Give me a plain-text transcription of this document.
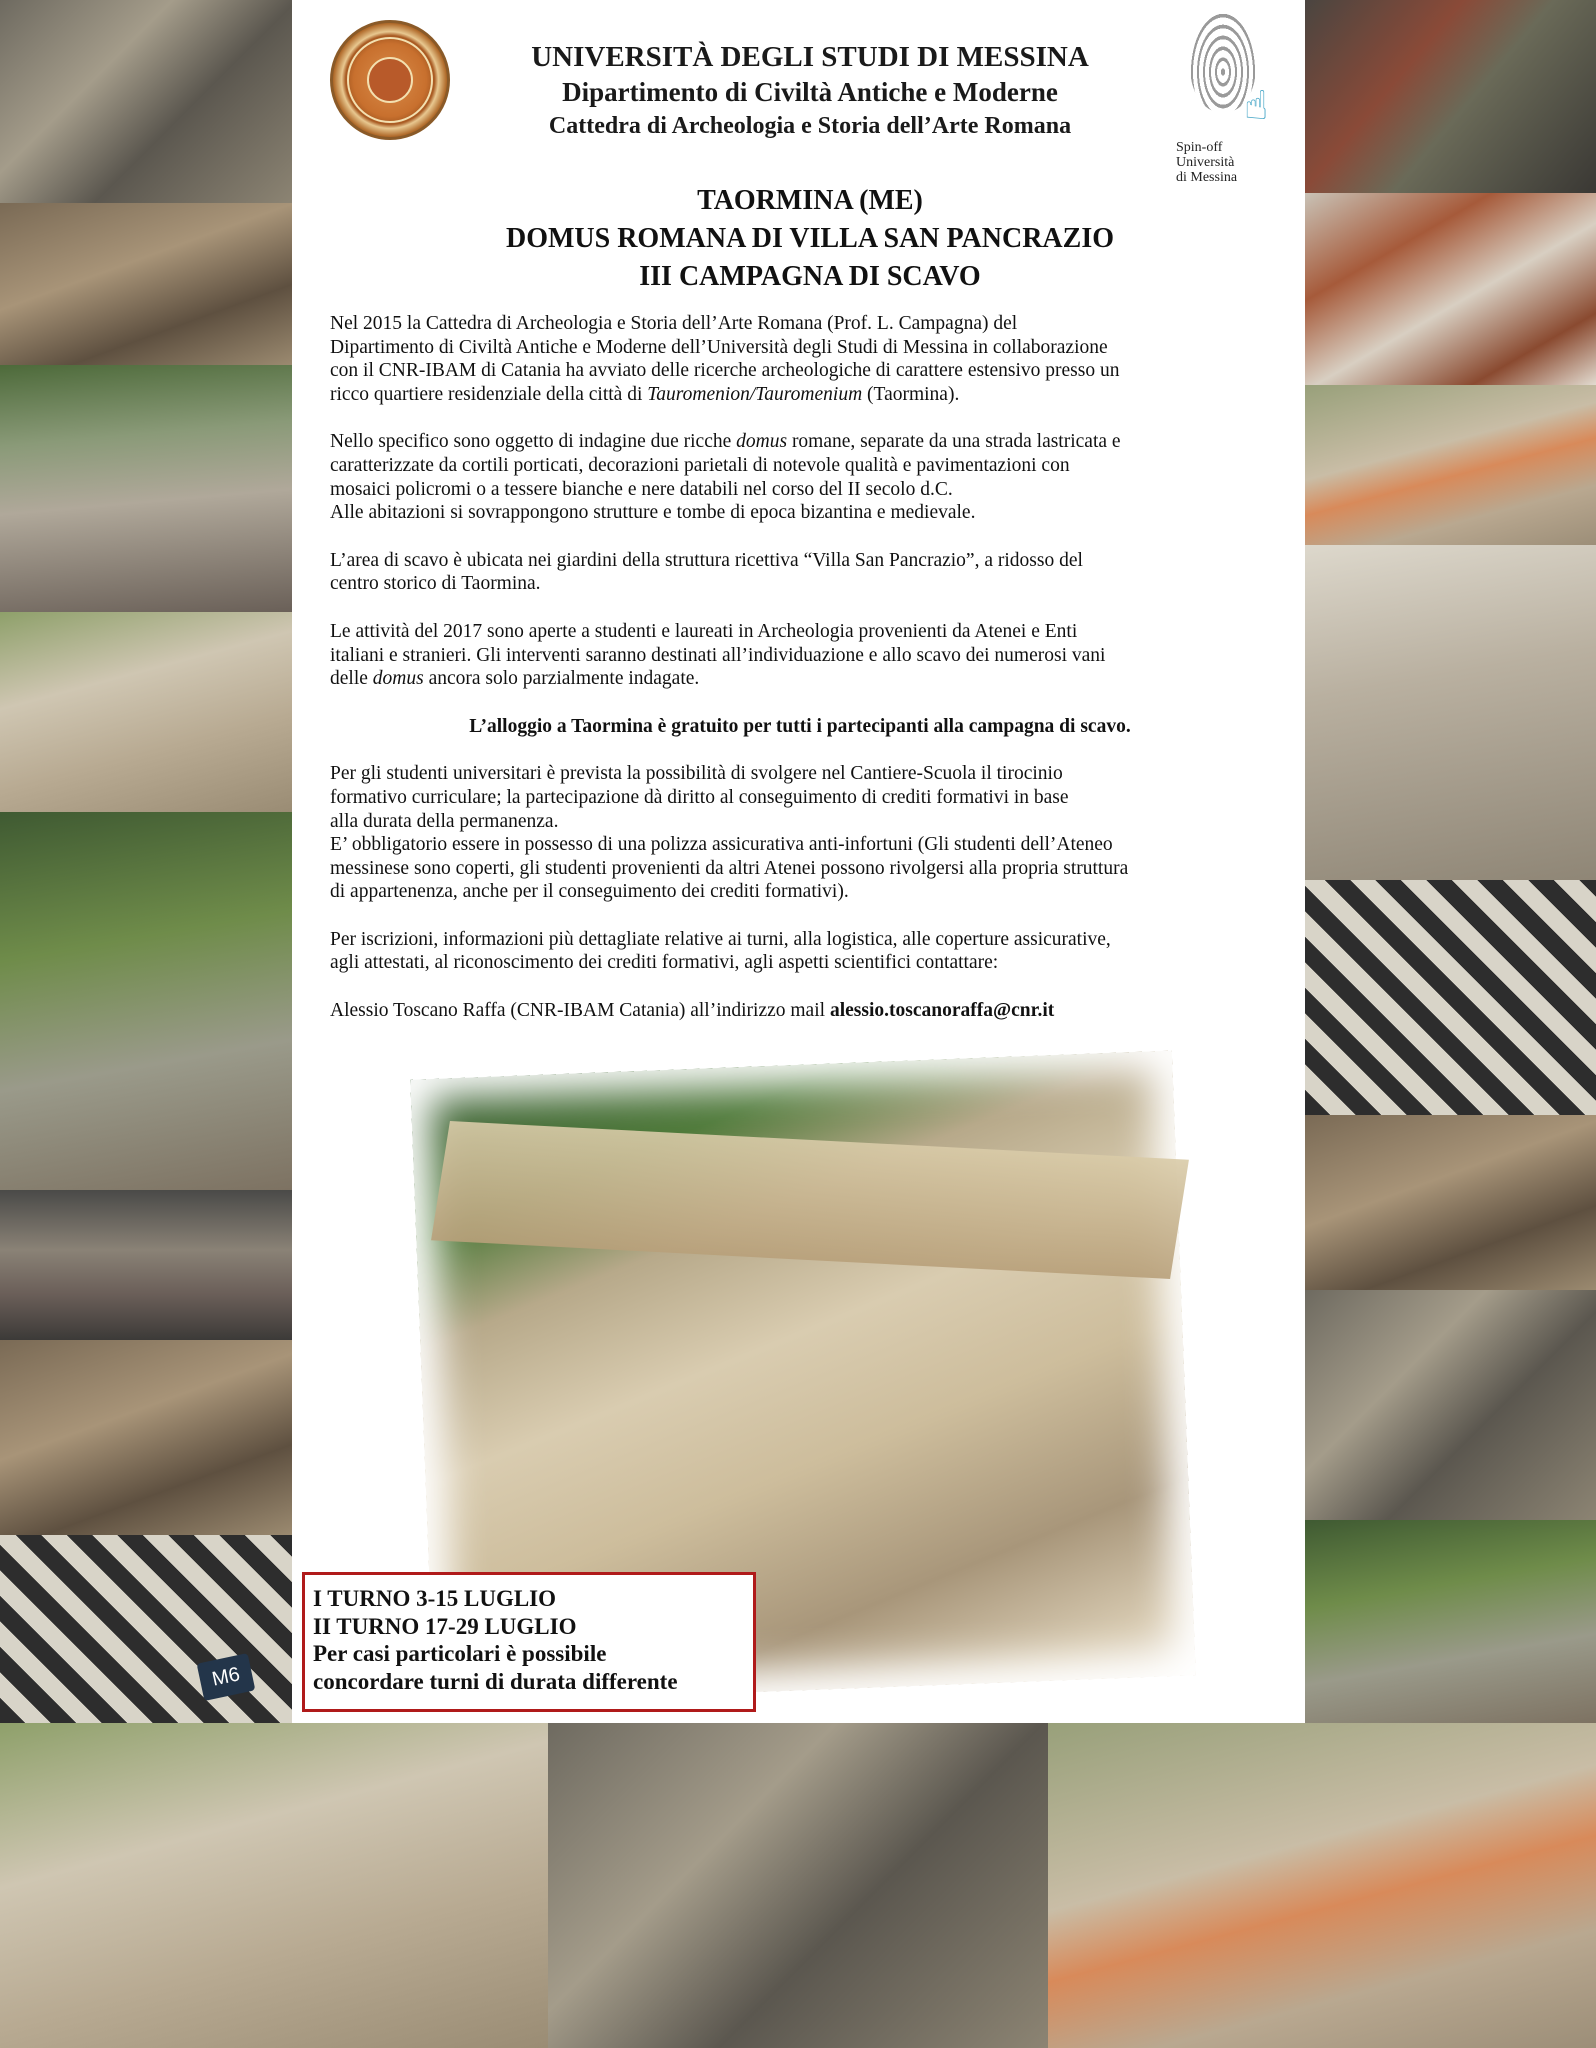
M6
UNIVERSITÀ DEGLI STUDI DI MESSINA
Dipartimento di Civiltà Antiche e Moderne
Cattedra di Archeologia e Storia dell’Arte Romana	☝
Spin-off
Università
di Messina
TAORMINA (ME)
DOMUS ROMANA DI VILLA SAN PANCRAZIO
III CAMPAGNA DI SCAVO

Nel 2015 la Cattedra di Archeologia e Storia dell’Arte Romana (Prof. L. Campagna) del
Dipartimento di Civiltà Antiche e Moderne dell’Università degli Studi di Messina in collaborazione
con il CNR-IBAM di Catania ha avviato delle ricerche archeologiche di carattere estensivo presso un
ricco quartiere residenziale della città di Tauromenion/Tauromenium (Taormina).

Nello specifico sono oggetto di indagine due ricche domus romane, separate da una strada lastricata e
caratterizzate da cortili porticati, decorazioni parietali di notevole qualità e pavimentazioni con
mosaici policromi o a tessere bianche e nere databili nel corso del II secolo d.C.
Alle abitazioni si sovrappongono strutture e tombe di epoca bizantina e medievale.

L’area di scavo è ubicata nei giardini della struttura ricettiva “Villa San Pancrazio”, a ridosso del
centro storico di Taormina.

Le attività del 2017 sono aperte a studenti e laureati in Archeologia provenienti da Atenei e Enti
italiani e stranieri. Gli interventi saranno destinati all’individuazione e allo scavo dei numerosi vani
delle domus ancora solo parzialmente indagate.

L’alloggio a Taormina è gratuito per tutti i partecipanti alla campagna di scavo.

Per gli studenti universitari è prevista la possibilità di svolgere nel Cantiere-Scuola il tirocinio
formativo curriculare; la partecipazione dà diritto al conseguimento di crediti formativi in base
alla durata della permanenza.
E’ obbligatorio essere in possesso di una polizza assicurativa anti-infortuni (Gli studenti dell’Ateneo
messinese sono coperti, gli studenti provenienti da altri Atenei possono rivolgersi alla propria struttura
di appartenenza, anche per il conseguimento dei crediti formativi).

Per iscrizioni, informazioni più dettagliate relative ai turni, alla logistica, alle coperture assicurative,
agli attestati, al riconoscimento dei crediti formativi, agli aspetti scientifici contattare:

Alessio Toscano Raffa (CNR-IBAM Catania) all’indirizzo mail alessio.toscanoraffa@cnr.it

I TURNO 3-15 LUGLIO
II TURNO 17-29 LUGLIO
Per casi particolari è possibile
concordare turni di durata differente
